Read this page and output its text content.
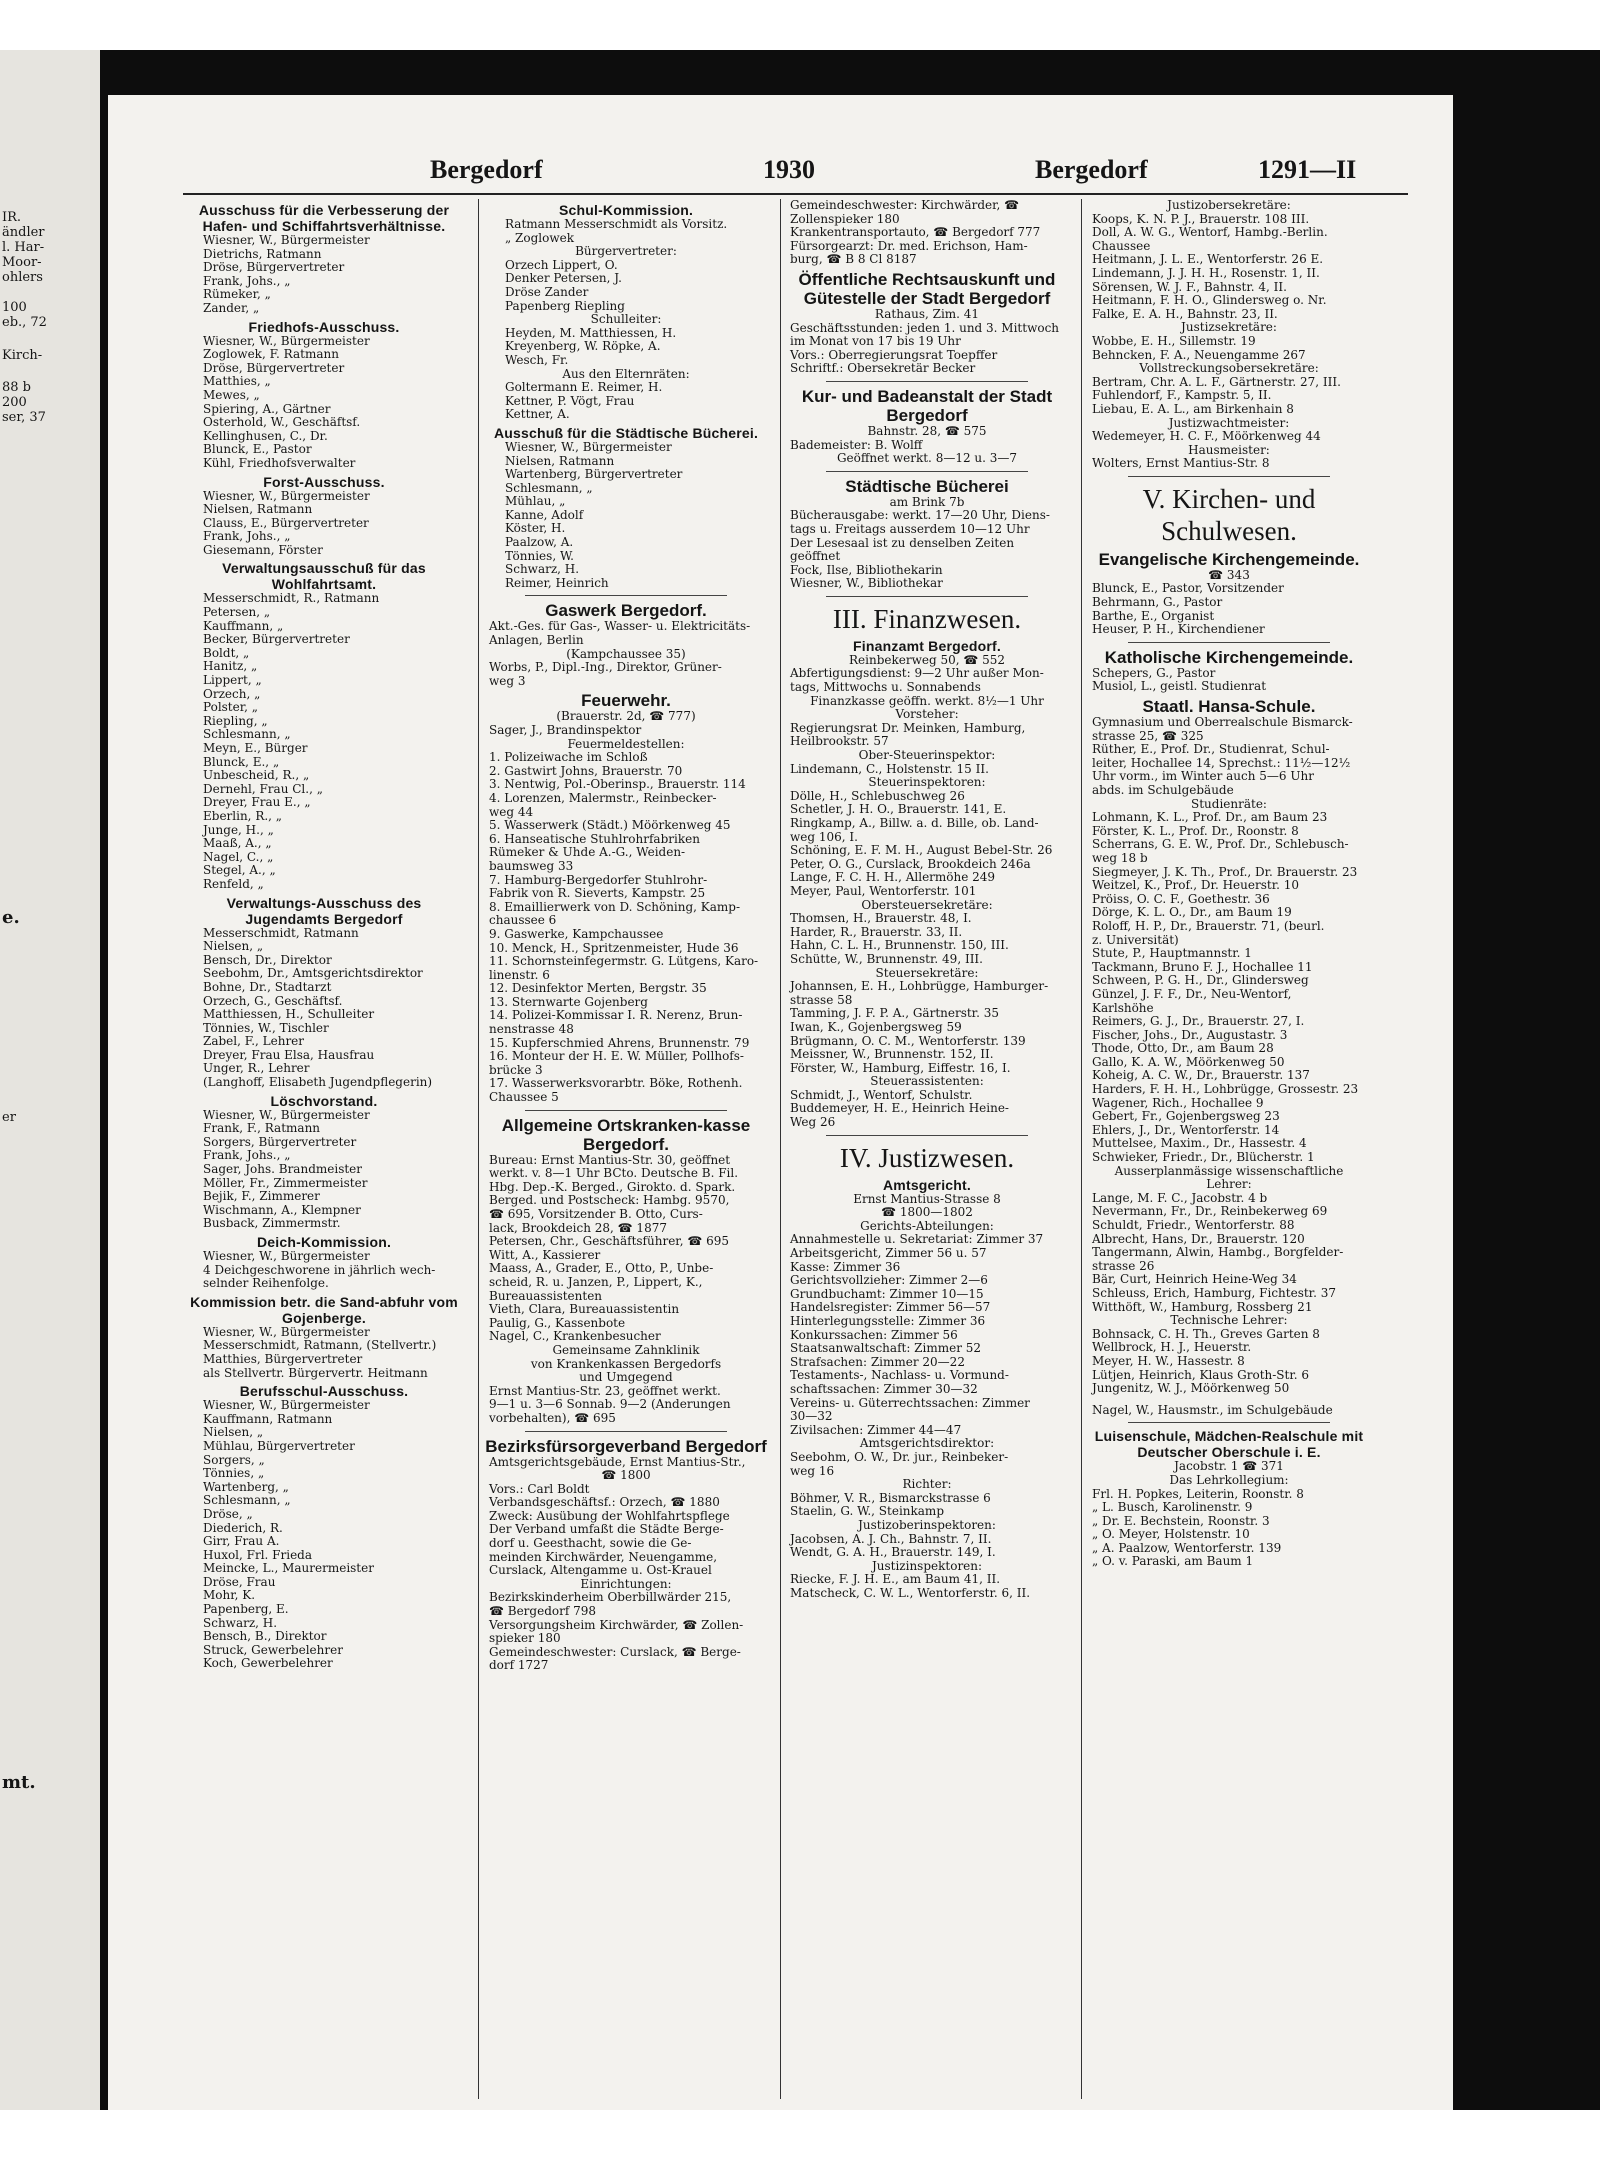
IR.
ändler
l. Har-
Moor-
ohlers
100
eb., 72
Kirch-
88 b
200
ser, 37
e.
er
mt.
Bergedorf	1930	Bergedorf	1291—II
Ausschuss für die Verbesserung der Hafen- und Schiffahrtsverhältnisse.
Wiesner, W., Bürgermeister
Dietrichs, Ratmann
Dröse, Bürgervertreter
Frank, Johs., „
Rümeker, „
Zander, „
Friedhofs-Ausschuss.
Wiesner, W., Bürgermeister
Zoglowek, F. Ratmann
Dröse, Bürgervertreter
Matthies, „
Mewes, „
Spiering, A., Gärtner
Osterhold, W., Geschäftsf.
Kellinghusen, C., Dr.
Blunck, E., Pastor
Kühl, Friedhofsverwalter
Forst-Ausschuss.
Wiesner, W., Bürgermeister
Nielsen, Ratmann
Clauss, E., Bürgervertreter
Frank, Johs., „
Giesemann, Förster
Verwaltungsausschuß für das Wohlfahrtsamt.
Messerschmidt, R., Ratmann
Petersen, „
Kauffmann, „
Becker, Bürgervertreter
Boldt, „
Hanitz, „
Lippert, „
Orzech, „
Polster, „
Riepling, „
Schlesmann, „
Meyn, E., Bürger
Blunck, E., „
Unbescheid, R., „
Dernehl, Frau Cl., „
Dreyer, Frau E., „
Eberlin, R., „
Junge, H., „
Maaß, A., „
Nagel, C., „
Stegel, A., „
Renfeld, „
Verwaltungs-Ausschuss des Jugendamts Bergedorf
Messerschmidt, Ratmann
Nielsen, „
Bensch, Dr., Direktor
Seebohm, Dr., Amtsgerichtsdirektor
Bohne, Dr., Stadtarzt
Orzech, G., Geschäftsf.
Matthiessen, H., Schulleiter
Tönnies, W., Tischler
Zabel, F., Lehrer
Dreyer, Frau Elsa, Hausfrau
Unger, R., Lehrer
(Langhoff, Elisabeth Jugendpflegerin)
Löschvorstand.
Wiesner, W., Bürgermeister
Frank, F., Ratmann
Sorgers, Bürgervertreter
Frank, Johs., „
Sager, Johs. Brandmeister
Möller, Fr., Zimmermeister
Bejik, F., Zimmerer
Wischmann, A., Klempner
Busback, Zimmermstr.
Deich-Kommission.
Wiesner, W., Bürgermeister
4 Deichgeschworene in jährlich wech-
selnder Reihenfolge.
Kommission betr. die Sand-abfuhr vom Gojenberge.
Wiesner, W., Bürgermeister
Messerschmidt, Ratmann, (Stellvertr.)
Matthies, Bürgervertreter
als Stellvertr. Bürgervertr. Heitmann
Berufsschul-Ausschuss.
Wiesner, W., Bürgermeister
Kauffmann, Ratmann
Nielsen, „
Mühlau, Bürgervertreter
Sorgers, „
Tönnies, „
Wartenberg, „
Schlesmann, „
Dröse, „
Diederich, R.
Girr, Frau A.
Huxol, Frl. Frieda
Meincke, L., Maurermeister
Dröse, Frau
Mohr, K.
Papenberg, E.
Schwarz, H.
Bensch, B., Direktor
Struck, Gewerbelehrer
Koch, Gewerbelehrer
Schul-Kommission.
Ratmann Messerschmidt als Vorsitz.
„ Zoglowek
Bürgervertreter:
Orzech Lippert, O.
Denker Petersen, J.
Dröse Zander
Papenberg Riepling
Schulleiter:
Heyden, M. Matthiessen, H.
Kreyenberg, W. Röpke, A.
Wesch, Fr.
Aus den Elternräten:
Goltermann E. Reimer, H.
Kettner, P. Vögt, Frau
Kettner, A.
Ausschuß für die Städtische Bücherei.
Wiesner, W., Bürgermeister
Nielsen, Ratmann
Wartenberg, Bürgervertreter
Schlesmann, „
Mühlau, „
Kanne, Adolf
Köster, H.
Paalzow, A.
Tönnies, W.
Schwarz, H.
Reimer, Heinrich
Gaswerk Bergedorf.
Akt.-Ges. für Gas-, Wasser- u. Elektricitäts-
Anlagen, Berlin
(Kampchaussee 35)
Worbs, P., Dipl.-Ing., Direktor, Grüner-
weg 3
Feuerwehr.
(Brauerstr. 2d, ☎ 777)
Sager, J., Brandinspektor
Feuermeldestellen:
1. Polizeiwache im Schloß
2. Gastwirt Johns, Brauerstr. 70
3. Nentwig, Pol.-Oberinsp., Brauerstr. 114
4. Lorenzen, Malermstr., Reinbecker-
weg 44
5. Wasserwerk (Städt.) Möörkenweg 45
6. Hanseatische Stuhlrohrfabriken
Rümeker & Uhde A.-G., Weiden-
baumsweg 33
7. Hamburg-Bergedorfer Stuhlrohr-
Fabrik von R. Sieverts, Kampstr. 25
8. Emaillierwerk von D. Schöning, Kamp-
chaussee 6
9. Gaswerke, Kampchaussee
10. Menck, H., Spritzenmeister, Hude 36
11. Schornsteinfegermstr. G. Lütgens, Karo-
linenstr. 6
12. Desinfektor Merten, Bergstr. 35
13. Sternwarte Gojenberg
14. Polizei-Kommissar I. R. Nerenz, Brun-
nenstrasse 48
15. Kupferschmied Ahrens, Brunnenstr. 79
16. Monteur der H. E. W. Müller, Pollhofs-
brücke 3
17. Wasserwerksvorarbtr. Böke, Rothenh.
Chaussee 5
Allgemeine Ortskranken-kasse Bergedorf.
Bureau: Ernst Mantius-Str. 30, geöffnet
werkt. v. 8—1 Uhr BCto. Deutsche B. Fil.
Hbg. Dep.-K. Berged., Girokto. d. Spark.
Berged. und Postscheck: Hambg. 9570,
☎ 695, Vorsitzender B. Otto, Curs-
lack, Brookdeich 28, ☎ 1877
Petersen, Chr., Geschäftsführer, ☎ 695
Witt, A., Kassierer
Maass, A., Grader, E., Otto, P., Unbe-
scheid, R. u. Janzen, P., Lippert, K.,
Bureauassistenten
Vieth, Clara, Bureauassistentin
Paulig, G., Kassenbote
Nagel, C., Krankenbesucher
Gemeinsame Zahnklinik
von Krankenkassen Bergedorfs
und Umgegend
Ernst Mantius-Str. 23, geöffnet werkt.
9—1 u. 3—6 Sonnab. 9—2 (Änderungen
vorbehalten), ☎ 695
Bezirksfürsorgeverband Bergedorf
Amtsgerichtsgebäude, Ernst Mantius-Str.,
☎ 1800
Vors.: Carl Boldt
Verbandsgeschäftsf.: Orzech, ☎ 1880
Zweck: Ausübung der Wohlfahrtspflege
Der Verband umfaßt die Städte Berge-
dorf u. Geesthacht, sowie die Ge-
meinden Kirchwärder, Neuengamme,
Curslack, Altengamme u. Ost-Krauel
Einrichtungen:
Bezirkskinderheim Oberbillwärder 215,
☎ Bergedorf 798
Versorgungsheim Kirchwärder, ☎ Zollen-
spieker 180
Gemeindeschwester: Curslack, ☎ Berge-
dorf 1727
Gemeindeschwester: Kirchwärder, ☎
Zollenspieker 180
Krankentransportauto, ☎ Bergedorf 777
Fürsorgearzt: Dr. med. Erichson, Ham-
burg, ☎ B 8 Cl 8187
Öffentliche Rechtsauskunft und Gütestelle der Stadt Bergedorf
Rathaus, Zim. 41
Geschäftsstunden: jeden 1. und 3. Mittwoch
im Monat von 17 bis 19 Uhr
Vors.: Oberregierungsrat Toepffer
Schriftf.: Obersekretär Becker
Kur- und Badeanstalt der Stadt Bergedorf
Bahnstr. 28, ☎ 575
Bademeister: B. Wolff
Geöffnet werkt. 8—12 u. 3—7
Städtische Bücherei
am Brink 7b
Bücherausgabe: werkt. 17—20 Uhr, Diens-
tags u. Freitags ausserdem 10—12 Uhr
Der Lesesaal ist zu denselben Zeiten
geöffnet
Fock, Ilse, Bibliothekarin
Wiesner, W., Bibliothekar
III. Finanzwesen.
Finanzamt Bergedorf.
Reinbekerweg 50, ☎ 552
Abfertigungsdienst: 9—2 Uhr außer Mon-
tags, Mittwochs u. Sonnabends
Finanzkasse geöffn. werkt. 8½—1 Uhr
Vorsteher:
Regierungsrat Dr. Meinken, Hamburg,
Heilbrookstr. 57
Ober-Steuerinspektor:
Lindemann, C., Holstenstr. 15 II.
Steuerinspektoren:
Dölle, H., Schlebuschweg 26
Schetler, J. H. O., Brauerstr. 141, E.
Ringkamp, A., Billw. a. d. Bille, ob. Land-
weg 106, I.
Schöning, E. F. M. H., August Bebel-Str. 26
Peter, O. G., Curslack, Brookdeich 246a
Lange, F. C. H. H., Allermöhe 249
Meyer, Paul, Wentorferstr. 101
Obersteuersekretäre:
Thomsen, H., Brauerstr. 48, I.
Harder, R., Brauerstr. 33, II.
Hahn, C. L. H., Brunnenstr. 150, III.
Schütte, W., Brunnenstr. 49, III.
Steuersekretäre:
Johannsen, E. H., Lohbrügge, Hamburger-
strasse 58
Tamming, J. F. P. A., Gärtnerstr. 35
Iwan, K., Gojenbergsweg 59
Brügmann, O. C. M., Wentorferstr. 139
Meissner, W., Brunnenstr. 152, II.
Förster, W., Hamburg, Eiffestr. 16, I.
Steuerassistenten:
Schmidt, J., Wentorf, Schulstr.
Buddemeyer, H. E., Heinrich Heine-
Weg 26
IV. Justizwesen.
Amtsgericht.
Ernst Mantius-Strasse 8
☎ 1800—1802
Gerichts-Abteilungen:
Annahmestelle u. Sekretariat: Zimmer 37
Arbeitsgericht, Zimmer 56 u. 57
Kasse: Zimmer 36
Gerichtsvollzieher: Zimmer 2—6
Grundbuchamt: Zimmer 10—15
Handelsregister: Zimmer 56—57
Hinterlegungsstelle: Zimmer 36
Konkurssachen: Zimmer 56
Staatsanwaltschaft: Zimmer 52
Strafsachen: Zimmer 20—22
Testaments-, Nachlass- u. Vormund-
schaftssachen: Zimmer 30—32
Vereins- u. Güterrechtssachen: Zimmer
30—32
Zivilsachen: Zimmer 44—47
Amtsgerichtsdirektor:
Seebohm, O. W., Dr. jur., Reinbeker-
weg 16
Richter:
Böhmer, V. R., Bismarckstrasse 6
Staelin, G. W., Steinkamp
Justizoberinspektoren:
Jacobsen, A. J. Ch., Bahnstr. 7, II.
Wendt, G. A. H., Brauerstr. 149, I.
Justizinspektoren:
Riecke, F. J. H. E., am Baum 41, II.
Matscheck, C. W. L., Wentorferstr. 6, II.
Justizobersekretäre:
Koops, K. N. P. J., Brauerstr. 108 III.
Doll, A. W. G., Wentorf, Hambg.-Berlin.
Chaussee
Heitmann, J. L. E., Wentorferstr. 26 E.
Lindemann, J. J. H. H., Rosenstr. 1, II.
Sörensen, W. J. F., Bahnstr. 4, II.
Heitmann, F. H. O., Glindersweg o. Nr.
Falke, E. A. H., Bahnstr. 23, II.
Justizsekretäre:
Wobbe, E. H., Sillemstr. 19
Behncken, F. A., Neuengamme 267
Vollstreckungsobersekretäre:
Bertram, Chr. A. L. F., Gärtnerstr. 27, III.
Fuhlendorf, F., Kampstr. 5, II.
Liebau, E. A. L., am Birkenhain 8
Justizwachtmeister:
Wedemeyer, H. C. F., Möörkenweg 44
Hausmeister:
Wolters, Ernst Mantius-Str. 8
V. Kirchen- und Schulwesen.
Evangelische Kirchengemeinde.
☎ 343
Blunck, E., Pastor, Vorsitzender
Behrmann, G., Pastor
Barthe, E., Organist
Heuser, P. H., Kirchendiener
Katholische Kirchengemeinde.
Schepers, G., Pastor
Musiol, L., geistl. Studienrat
Staatl. Hansa-Schule.
Gymnasium und Oberrealschule Bismarck-
strasse 25, ☎ 325
Rüther, E., Prof. Dr., Studienrat, Schul-
leiter, Hochallee 14, Sprechst.: 11½—12½
Uhr vorm., im Winter auch 5—6 Uhr
abds. im Schulgebäude
Studienräte:
Lohmann, K. L., Prof. Dr., am Baum 23
Förster, K. L., Prof. Dr., Roonstr. 8
Scherrans, G. E. W., Prof. Dr., Schlebusch-
weg 18 b
Siegmeyer, J. K. Th., Prof., Dr. Brauerstr. 23
Weitzel, K., Prof., Dr. Heuerstr. 10
Pröiss, O. C. F., Goethestr. 36
Dörge, K. L. O., Dr., am Baum 19
Roloff, H. P., Dr., Brauerstr. 71, (beurl.
z. Universität)
Stute, P., Hauptmannstr. 1
Tackmann, Bruno F. J., Hochallee 11
Schween, P. G. H., Dr., Glindersweg
Günzel, J. F. F., Dr., Neu-Wentorf,
Karlshöhe
Reimers, G. J., Dr., Brauerstr. 27, I.
Fischer, Johs., Dr., Augustastr. 3
Thode, Otto, Dr., am Baum 28
Gallo, K. A. W., Möörkenweg 50
Koheig, A. C. W., Dr., Brauerstr. 137
Harders, F. H. H., Lohbrügge, Grossestr. 23
Wagener, Rich., Hochallee 9
Gebert, Fr., Gojenbergsweg 23
Ehlers, J., Dr., Wentorferstr. 14
Muttelsee, Maxim., Dr., Hassestr. 4
Schwieker, Friedr., Dr., Blücherstr. 1
Ausserplanmässige wissenschaftliche
Lehrer:
Lange, M. F. C., Jacobstr. 4 b
Nevermann, Fr., Dr., Reinbekerweg 69
Schuldt, Friedr., Wentorferstr. 88
Albrecht, Hans, Dr., Brauerstr. 120
Tangermann, Alwin, Hambg., Borgfelder-
strasse 26
Bär, Curt, Heinrich Heine-Weg 34
Schleuss, Erich, Hamburg, Fichtestr. 37
Witthöft, W., Hamburg, Rossberg 21
Technische Lehrer:
Bohnsack, C. H. Th., Greves Garten 8
Wellbrock, H. J., Heuerstr.
Meyer, H. W., Hassestr. 8
Lütjen, Heinrich, Klaus Groth-Str. 6
Jungenitz, W. J., Möörkenweg 50
Nagel, W., Hausmstr., im Schulgebäude
Luisenschule, Mädchen-Realschule mit Deutscher Oberschule i. E.
Jacobstr. 1 ☎ 371
Das Lehrkollegium:
Frl. H. Popkes, Leiterin, Roonstr. 8
„ L. Busch, Karolinenstr. 9
„ Dr. E. Bechstein, Roonstr. 3
„ O. Meyer, Holstenstr. 10
„ A. Paalzow, Wentorferstr. 139
„ O. v. Paraski, am Baum 1
